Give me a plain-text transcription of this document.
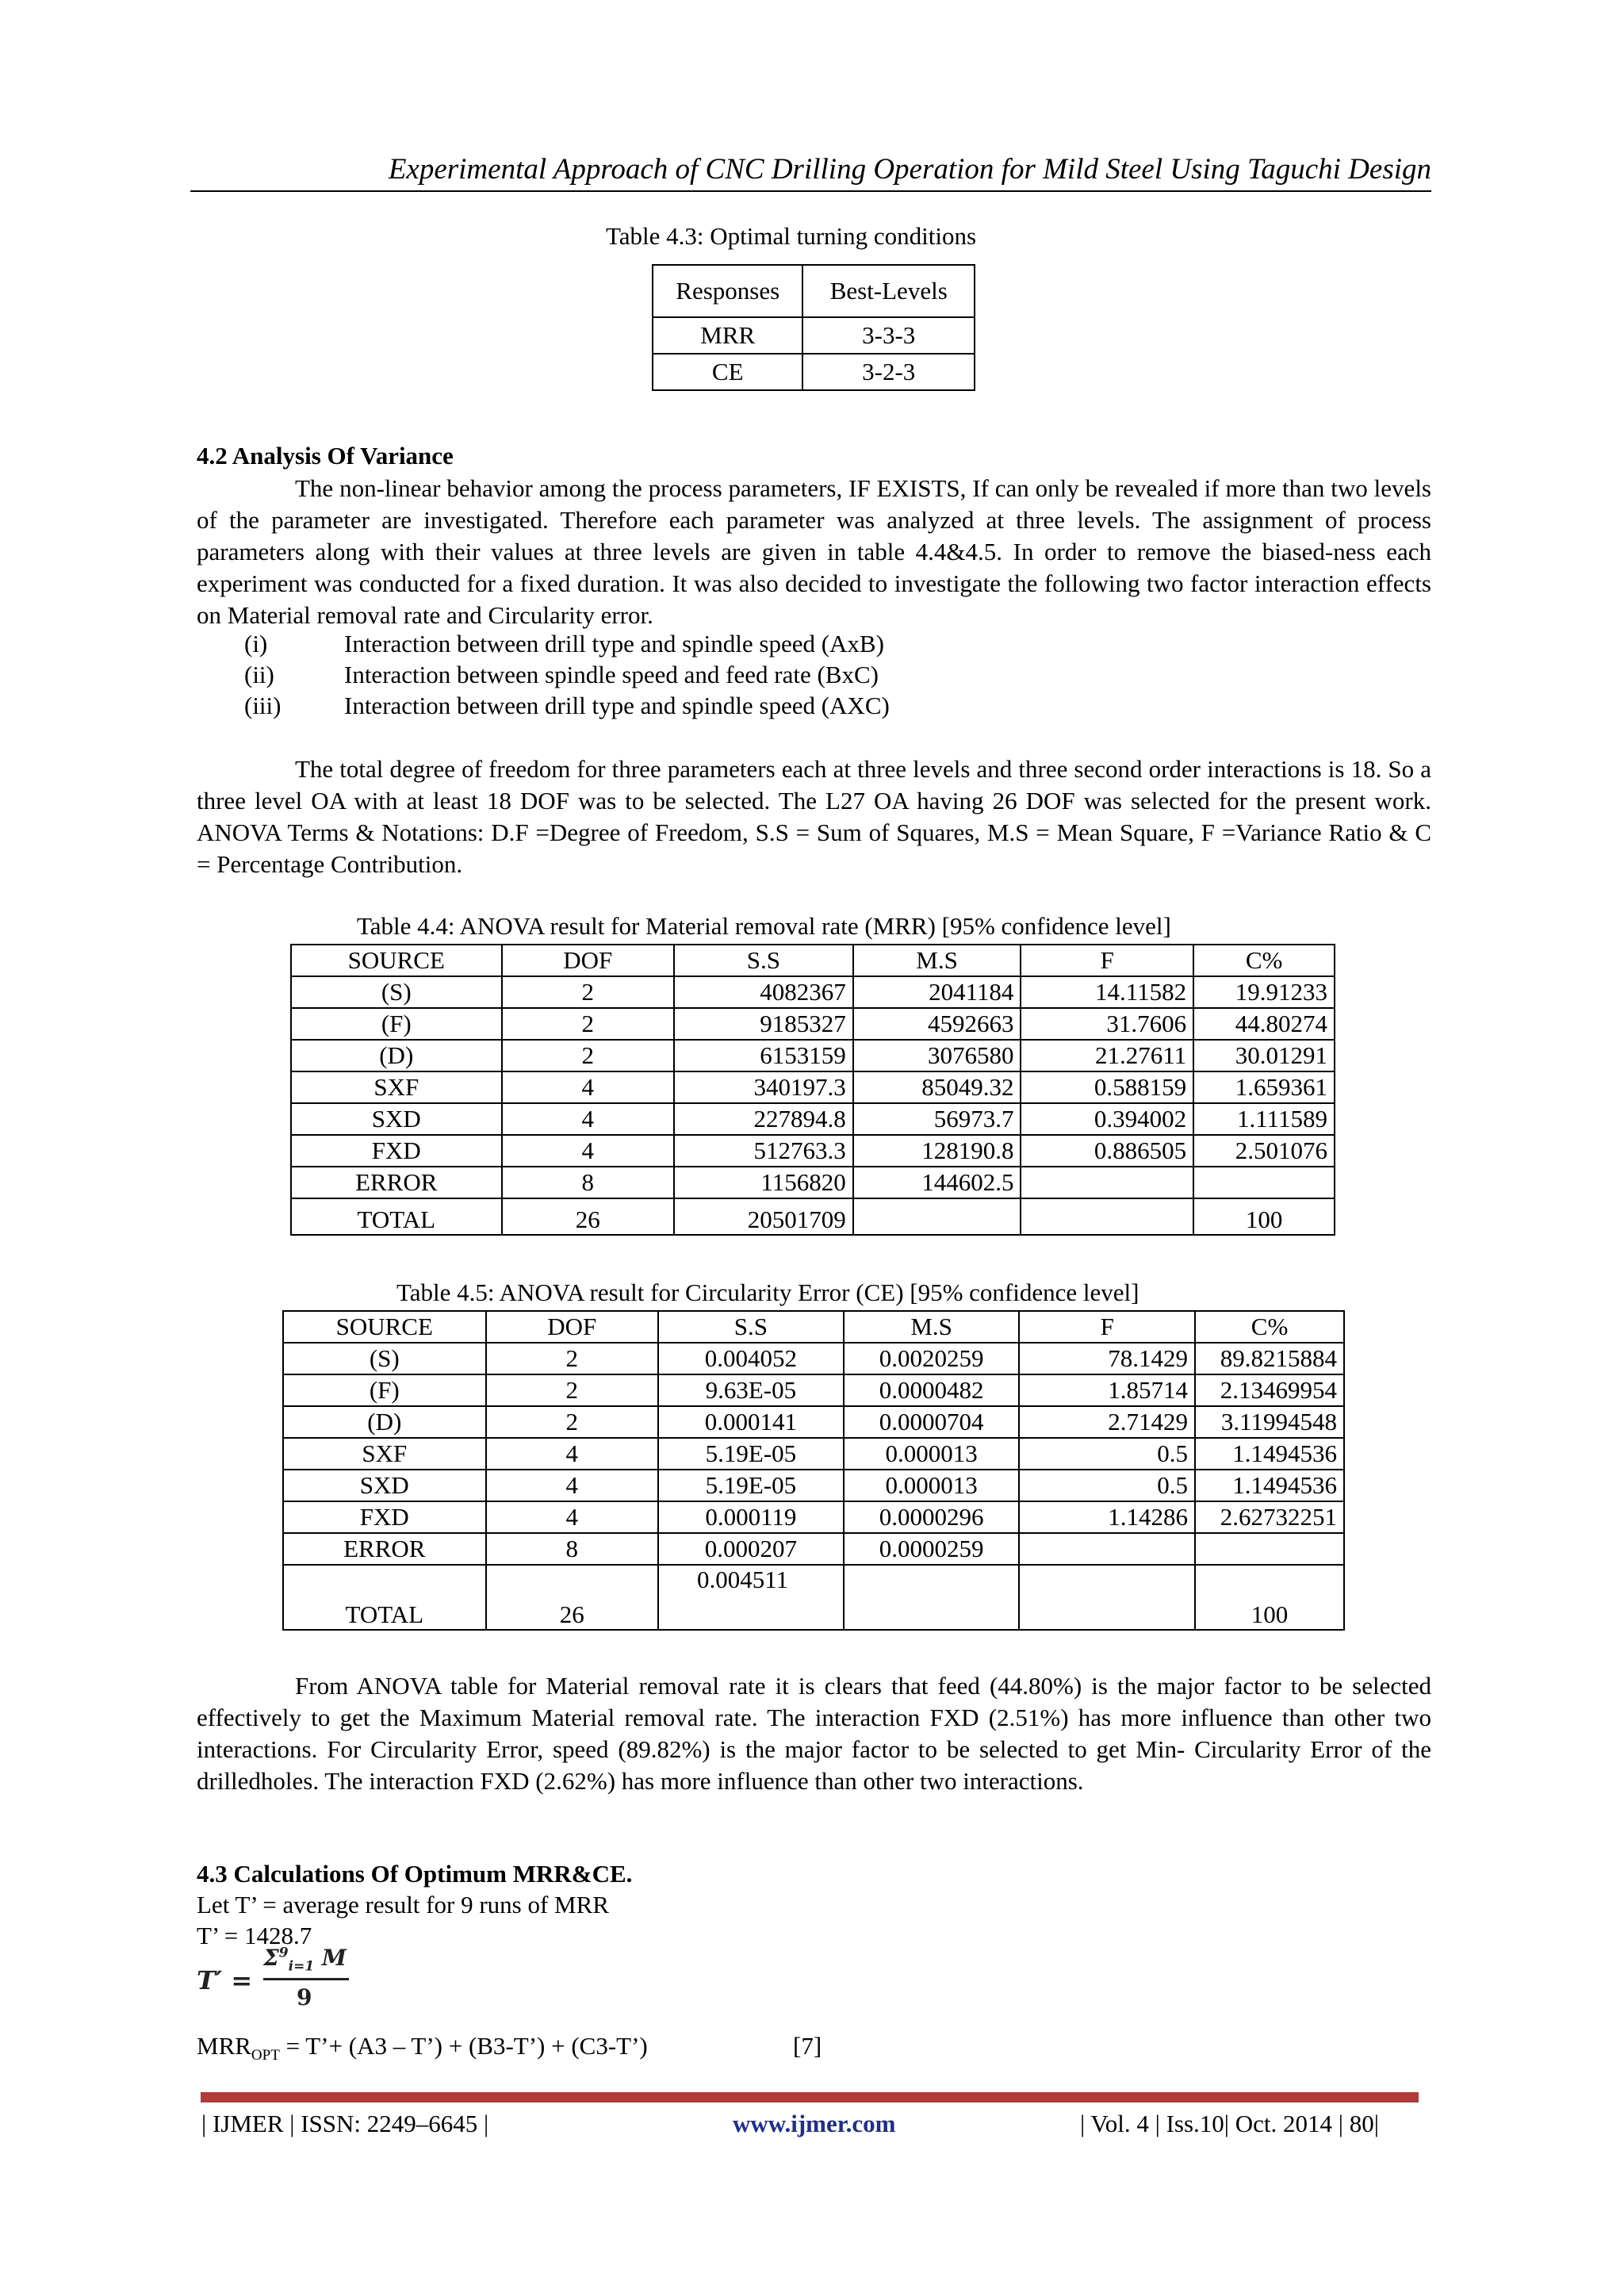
Experimental Approach of CNC Drilling Operation for Mild Steel Using Taguchi Design
Table 4.3: Optimal turning conditions
Responses	Best-Levels
MRR	3-3-3
CE	3-2-3
4.2 Analysis Of Variance
The non-linear behavior among the process parameters, IF EXISTS, If can only be revealed if more than two levels of the parameter are investigated. Therefore each parameter was analyzed at three levels. The assignment of process parameters along with their values at three levels are given in table 4.4&4.5. In order to remove the biased-ness each experiment was conducted for a fixed duration. It was also decided to investigate the following two factor interaction effects on Material removal rate and Circularity error.
(i)	Interaction between drill type and spindle speed (AxB)
(ii)	Interaction between spindle speed and feed rate (BxC)
(iii)	Interaction between drill type and spindle speed (AXC)
The total degree of freedom for three parameters each at three levels and three second order interactions is 18. So a three level OA with at least 18 DOF was to be selected. The L27 OA having 26 DOF was selected for the present work. ANOVA Terms & Notations: D.F =Degree of Freedom, S.S = Sum of Squares, M.S = Mean Square, F =Variance Ratio & C = Percentage Contribution.
Table 4.4: ANOVA result for Material removal rate (MRR) [95% confidence level]
SOURCE	DOF	S.S	M.S	F	C%
(S)	2	4082367	2041184	14.11582	19.91233
(F)	2	9185327	4592663	31.7606	44.80274
(D)	2	6153159	3076580	21.27611	30.01291
SXF	4	340197.3	85049.32	0.588159	1.659361
SXD	4	227894.8	56973.7	0.394002	1.111589
FXD	4	512763.3	128190.8	0.886505	2.501076
ERROR	8	1156820	144602.5		
TOTAL	26	20501709			100
Table 4.5: ANOVA result for Circularity Error (CE) [95% confidence level]
SOURCE	DOF	S.S	M.S	F	C%
(S)	2	0.004052	0.0020259	78.1429	89.8215884
(F)	2	9.63E-05	0.0000482	1.85714	2.13469954
(D)	2	0.000141	0.0000704	2.71429	3.11994548
SXF	4	5.19E-05	0.000013	0.5	1.1494536
SXD	4	5.19E-05	0.000013	0.5	1.1494536
FXD	4	0.000119	0.0000296	1.14286	2.62732251
ERROR	8	0.000207	0.0000259		
TOTAL	26	0.004511			100
From ANOVA table for Material removal rate it is clears that feed (44.80%) is the major factor to be selected effectively to get the Maximum Material removal rate. The interaction FXD (2.51%) has more influence than other two interactions. For Circularity Error, speed (89.82%) is the major factor to be selected to get Min- Circularity Error of the drilledholes. The interaction FXD (2.62%) has more influence than other two interactions.
4.3 Calculations Of Optimum MRR&CE.
Let T’ = average result for 9 runs of MRR
T’ = 1428.7
T′ =
$\Sigma^9_{i=1}$ M
9
$MRR_{OPT}$ = T’+ (A3 – T’) + (B3-T’) + (C3-T’)	[7]
| IJMER | ISSN: 2249–6645 |	www.ijmer.com	| Vol. 4 | Iss.10| Oct. 2014 | 80|
